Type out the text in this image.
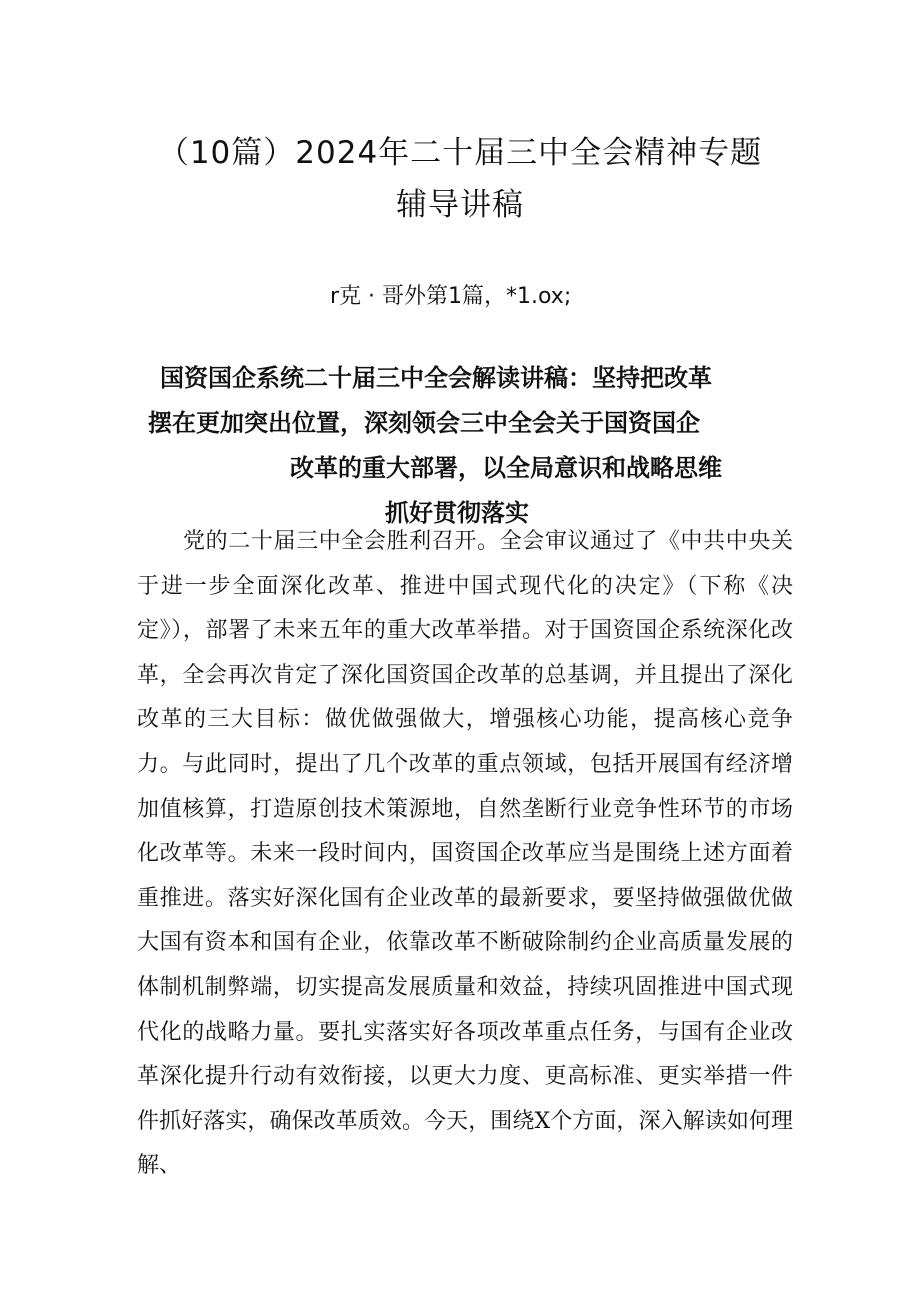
（10篇）2024年二十届三中全会精神专题
辅导讲稿
r克 · 哥外第1篇，*1.ox;
国资国企系统二十届三中全会解读讲稿：坚持把改革
摆在更加突出位置，深刻领会三中全会关于国资国企
改革的重大部署，以全局意识和战略思维
抓好贯彻落实

党的二十届三中全会胜利召开。全会审议通过了《中共中央关于进一步全面深化改革、推进中国式现代化的决定》（下称《决定》），部署了未来五年的重大改革举措。对于国资国企系统深化改革，全会再次肯定了深化国资国企改革的总基调，并且提出了深化改革的三大目标：做优做强做大，增强核心功能，提高核心竞争力。与此同时，提出了几个改革的重点领域，包括开展国有经济增加值核算，打造原创技术策源地，自然垄断行业竞争性环节的市场化改革等。未来一段时间内，国资国企改革应当是围绕上述方面着重推进。落实好深化国有企业改革的最新要求，要坚持做强做优做大国有资本和国有企业，依靠改革不断破除制约企业高质量发展的体制机制弊端，切实提高发展质量和效益，持续巩固推进中国式现代化的战略力量。要扎实落实好各项改革重点任务，与国有企业改革深化提升行动有效衔接，以更大力度、更高标准、更实举措一件件抓好落实，确保改革质效。今天，围绕X个方面，深入解读如何理解、
